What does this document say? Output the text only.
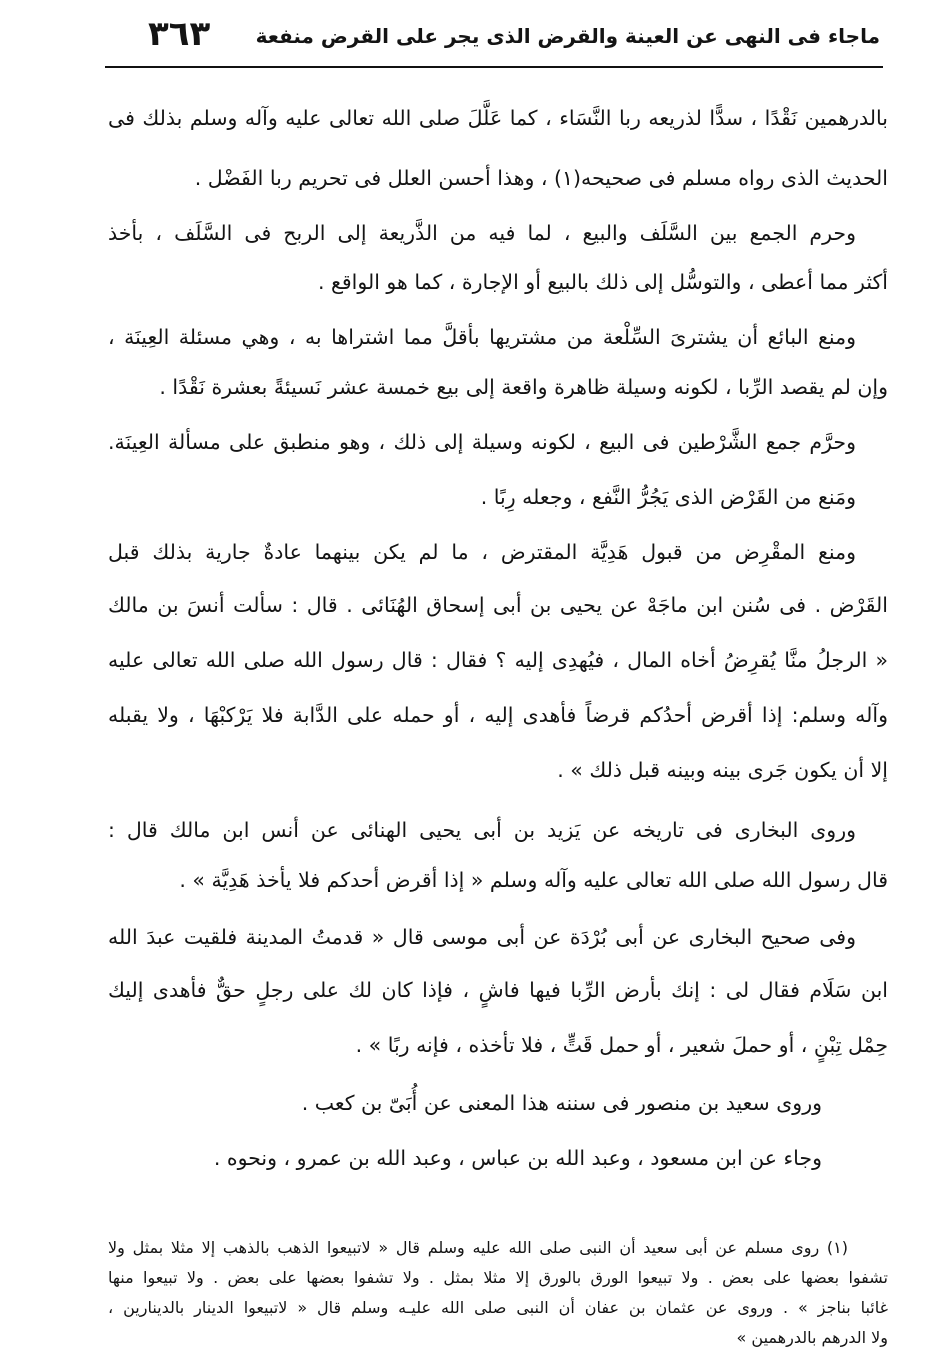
٣٦٣ ماجاء فى النهى عن العينة والقرض الذى يجر على القرض منفعة
بالدرهمين نَقْدًا ، سدًّا لذريعه ربا النَّسَاء ، كما عَلَّلَ صلى الله تعالى عليه وآله وسلم بذلك فى
الحديث الذى رواه مسلم فى صحيحه(١) ، وهذا أحسن العلل فى تحريم ربا الفَضْل .
وحرم الجمع بين السَّلَف والبيع ، لما فيه من الذَّريعة إلى الربح فى السَّلَف ، بأخذ
أكثر مما أعطى ، والتوسُّل إلى ذلك بالبيع أو الإجارة ، كما هو الواقع .
ومنع البائع أن يشترىَ السِّلْعة من مشتريها بأقلَّ مما اشتراها به ، وهي مسئلة العِينَة ،
وإن لم يقصد الرِّبا ، لكونه وسيلة ظاهرة واقعة إلى بيع خمسة عشر نَسيئةً بعشرة نَقْدًا .
وحرَّم جمع الشَّرْطين فى البيع ، لكونه وسيلة إلى ذلك ، وهو منطبق على مسألة العِينَة.
ومَنع من القَرْض الذى يَجُرُّ النَّفع ، وجعله رِبًا .
ومنع المقْرِض من قبول هَدِيَّة المقترض ، ما لم يكن بينهما عادةٌ جارية بذلك قبل
القَرْض . فى سُنن ابن ماجَهْ عن يحيى بن أبى إسحاق الهُنَائى . قال : سألت أنسَ بن مالك
« الرجلُ منَّا يُقرِضُ أخاه المال ، فيُهدِى إليه ؟ فقال : قال رسول الله صلى الله تعالى عليه
وآله وسلم: إذا أقرض أحدُكم قرضاً فأهدى إليه ، أو حمله على الدَّابة فلا يَرْكبْهَا ، ولا يقبله
إلا أن يكون جَرى بينه وبينه قبل ذلك » .
وروى البخارى فى تاريخه عن يَزيد بن أبى يحيى الهنائى عن أنس ابن مالك قال :
قال رسول الله صلى الله تعالى عليه وآله وسلم « إذا أقرض أحدكم فلا يأخذ هَدِيَّة » .
وفى صحيح البخارى عن أبى بُرْدَة عن أبى موسى قال « قدمتُ المدينة فلقيت عبدَ الله
ابن سَلَام فقال لى : إنك بأرض الرِّبا فيها فاشٍ ، فإذا كان لك على رجلٍ حقٌّ فأهدى إليك
حِمْل تِبْنٍ ، أو حملَ شعير ، أو حمل قَتٍّ ، فلا تأخذه ، فإنه ربًا » .
وروى سعيد بن منصور فى سننه هذا المعنى عن أُبَىّ بن كعب .
وجاء عن ابن مسعود ، وعبد الله بن عباس ، وعبد الله بن عمرو ، ونحوه .
(١) روى مسلم عن أبى سعيد أن النبى صلى الله عليه وسلم قال « لاتبيعوا الذهب بالذهب إلا مثلا بمثل ولا
تشفوا بعضها على بعض . ولا تبيعوا الورق بالورق إلا مثلا بمثل . ولا تشفوا بعضها على بعض . ولا تبيعوا منها
غائبا بناجز » . وروى عن عثمان بن عفان أن النبى صلى الله عليـه وسلم قال « لاتبيعوا الدينار بالدينارين ،
ولا الدرهم بالدرهمين »
